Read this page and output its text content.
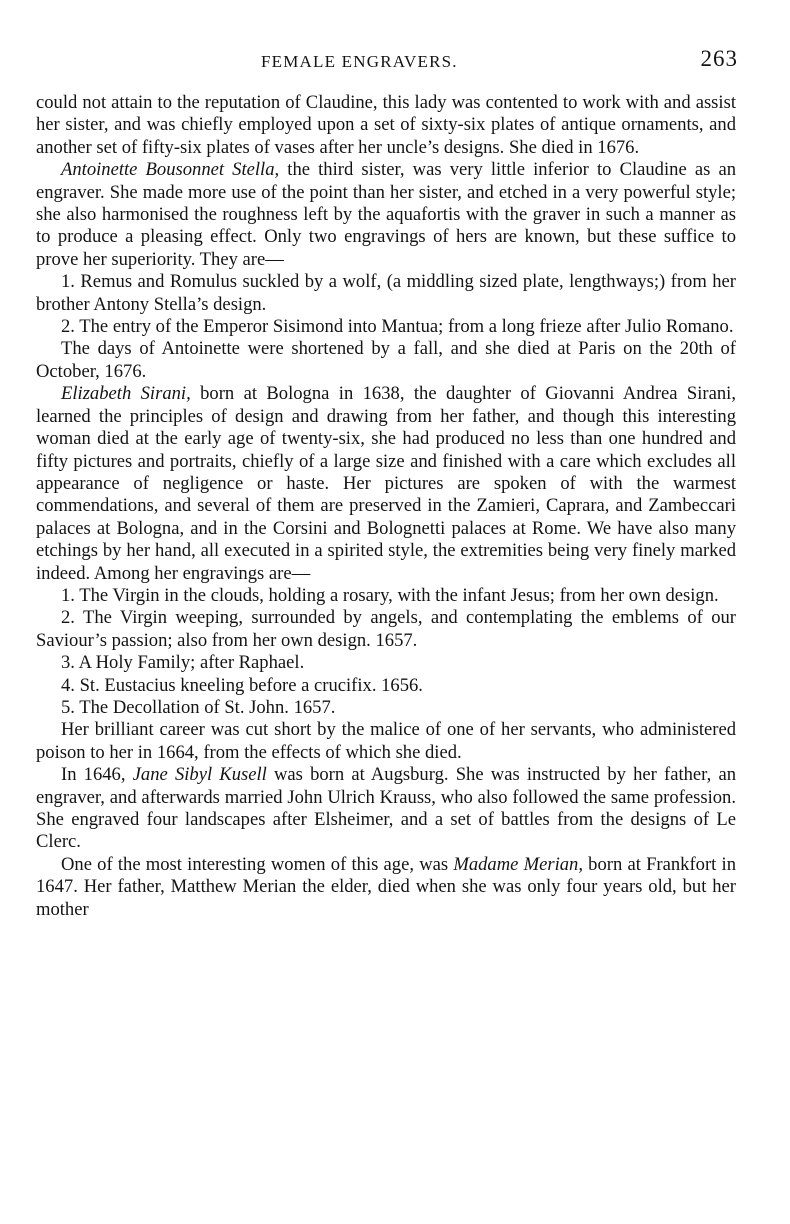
FEMALE ENGRAVERS.	263

could not attain to the reputation of Claudine, this lady was contented to work with and assist her sister, and was chiefly employed upon a set of sixty-six plates of antique ornaments, and another set of fifty-six plates of vases after her uncle’s designs. She died in 1676.

Antoinette Bousonnet Stella, the third sister, was very little inferior to Claudine as an engraver. She made more use of the point than her sister, and etched in a very powerful style; she also harmonised the roughness left by the aquafortis with the graver in such a manner as to produce a pleasing effect. Only two engravings of hers are known, but these suffice to prove her superiority. They are—

1. Remus and Romulus suckled by a wolf, (a middling sized plate, lengthways;) from her brother Antony Stella’s design.

2. The entry of the Emperor Sisimond into Mantua; from a long frieze after Julio Romano.

The days of Antoinette were shortened by a fall, and she died at Paris on the 20th of October, 1676.

Elizabeth Sirani, born at Bologna in 1638, the daughter of Giovanni Andrea Sirani, learned the principles of design and drawing from her father, and though this interesting woman died at the early age of twenty-six, she had produced no less than one hundred and fifty pictures and portraits, chiefly of a large size and finished with a care which excludes all appearance of negligence or haste. Her pictures are spoken of with the warmest commendations, and several of them are preserved in the Zamieri, Caprara, and Zambeccari palaces at Bologna, and in the Corsini and Bolognetti palaces at Rome. We have also many etchings by her hand, all executed in a spirited style, the extremities being very finely marked indeed. Among her engravings are—

1. The Virgin in the clouds, holding a rosary, with the infant Jesus; from her own design.

2. The Virgin weeping, surrounded by angels, and contemplating the emblems of our Saviour’s passion; also from her own design. 1657.

3. A Holy Family; after Raphael.

4. St. Eustacius kneeling before a crucifix. 1656.

5. The Decollation of St. John. 1657.

Her brilliant career was cut short by the malice of one of her servants, who administered poison to her in 1664, from the effects of which she died.

In 1646, Jane Sibyl Kusell was born at Augsburg. She was instructed by her father, an engraver, and afterwards married John Ulrich Krauss, who also followed the same profession. She engraved four landscapes after Elsheimer, and a set of battles from the designs of Le Clerc.

One of the most interesting women of this age, was Madame Merian, born at Frankfort in 1647. Her father, Matthew Merian the elder, died when she was only four years old, but her mother
